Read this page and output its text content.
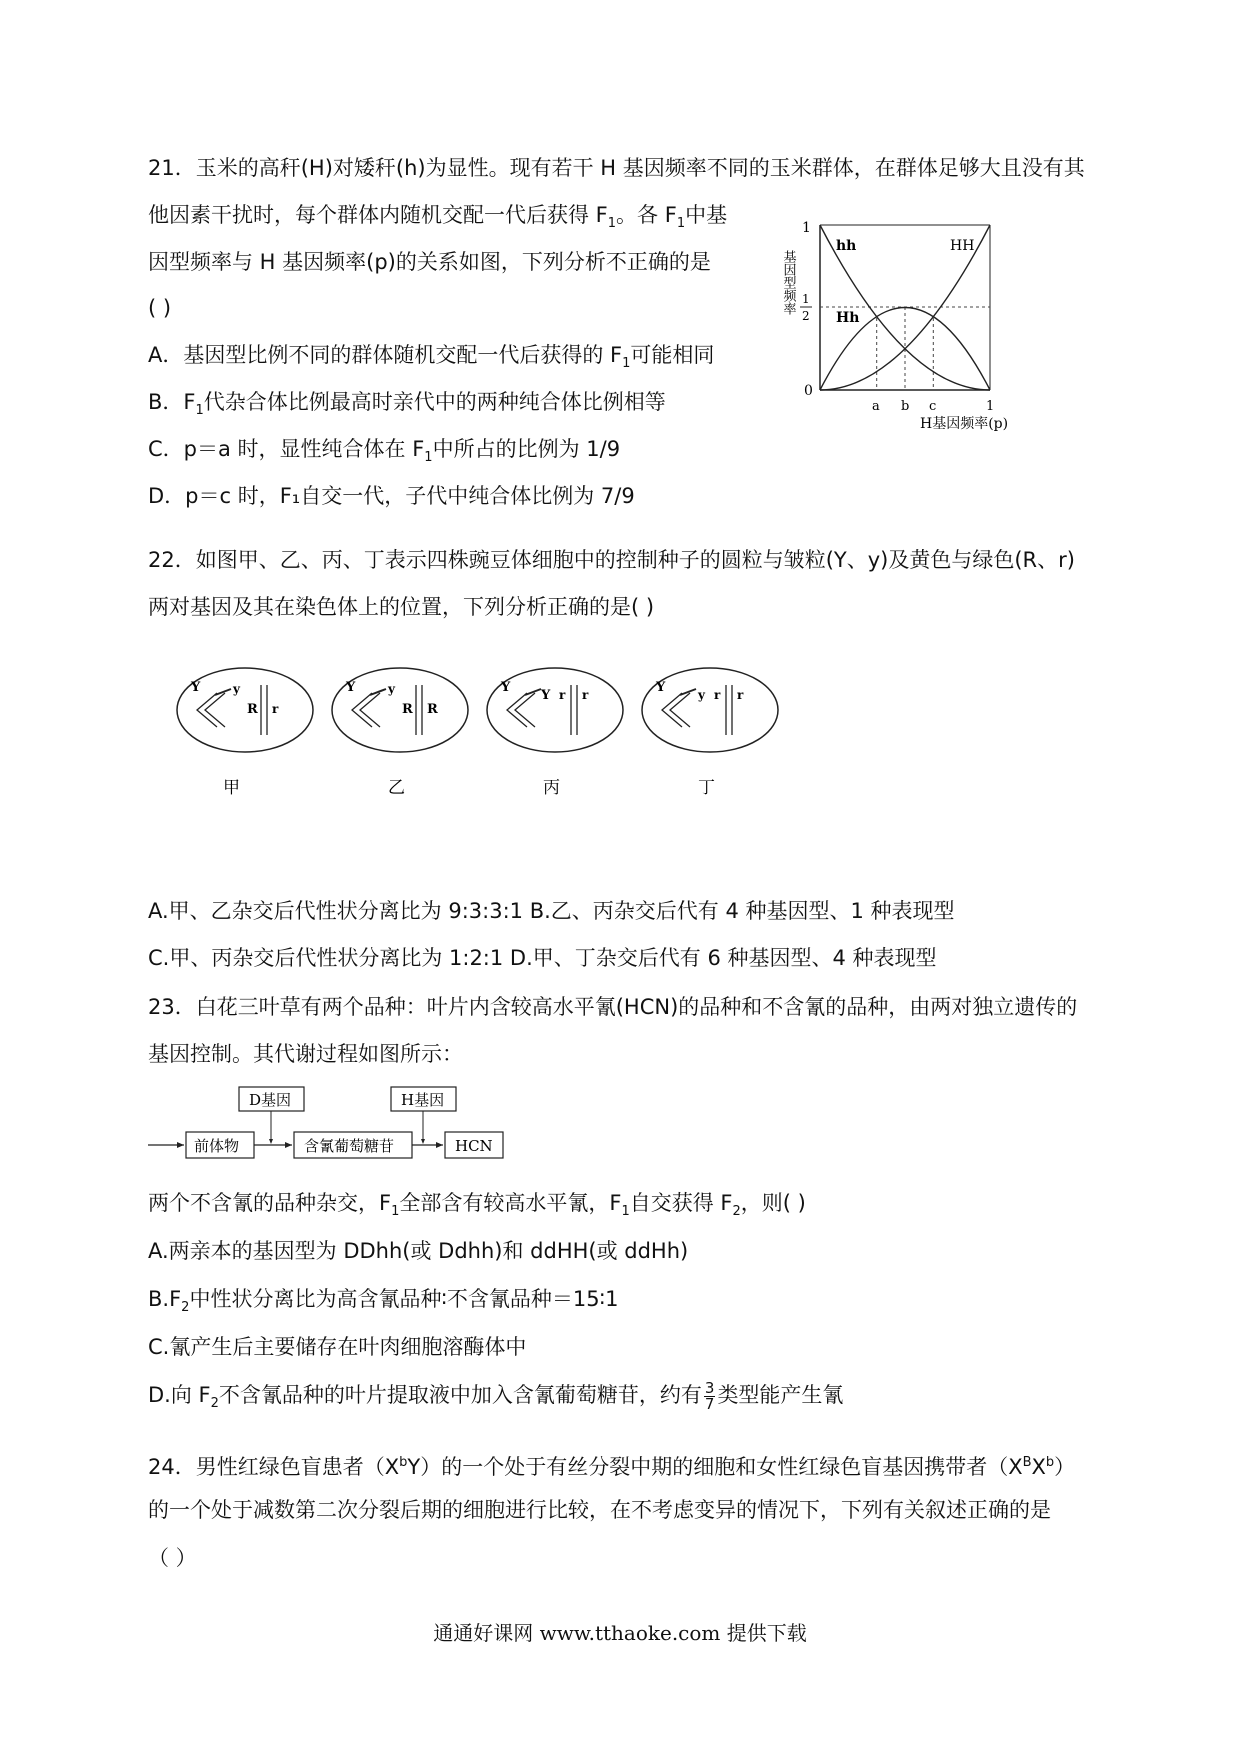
21．玉米的高秆(H)对矮秆(h)为显性。现有若干 H 基因频率不同的玉米群体，在群体足够大且没有其
他因素干扰时，每个群体内随机交配一代后获得 $F_1$。各 $F_1$中基
因型频率与 H 基因频率(p)的关系如图，下列分析不正确的是
( )
A．基因型比例不同的群体随机交配一代后获得的 $F_1$可能相同
B．$F_1$代杂合体比例最高时亲代中的两种纯合体比例相等
C．p＝a 时，显性纯合体在 $F_1$中所占的比例为 1/9
D．p＝c 时，F₁自交一代，子代中纯合体比例为 7/9
1
1
2
0
a b c	1
hh	HH
Hh
H基因频率(p)
基因型频率
22．如图甲、乙、丙、丁表示四株豌豆体细胞中的控制种子的圆粒与皱粒(Y、y)及黄色与绿色(R、r)
两对基因及其在染色体上的位置，下列分析正确的是( )
Y	y
R r
甲
Y	y
R R
乙
Y
Y r r
丙
Y	y r r
丁
A.甲、乙杂交后代性状分离比为 9:3:3:1 B.乙、丙杂交后代有 4 种基因型、1 种表现型
C.甲、丙杂交后代性状分离比为 1:2:1 D.甲、丁杂交后代有 6 种基因型、4 种表现型
23．白花三叶草有两个品种：叶片内含较高水平氰(HCN)的品种和不含氰的品种，由两对独立遗传的
基因控制。其代谢过程如图所示：
D基因	H基因
前体物	含氰葡萄糖苷	HCN
两个不含氰的品种杂交，$F_1$全部含有较高水平氰，$F_1$自交获得 $F_2$，则( )
A.两亲本的基因型为 DDhh(或 Ddhh)和 ddHH(或 ddHh)
$B.F_2$中性状分离比为高含氰品种∶不含氰品种＝15∶1
C.氰产生后主要储存在叶肉细胞溶酶体中
D.向 $F_2$不含氰品种的叶片提取液中加入含氰葡萄糖苷，约有 $\frac{3}{7}$ 类型能产生氰
24．男性红绿色盲患者$(X^bY)$的一个处于有丝分裂中期的细胞和女性红绿色盲基因携带者$(X^BX^b)$
的一个处于减数第二次分裂后期的细胞进行比较，在不考虑变异的情况下，下列有关叙述正确的是
（ ）
通通好课网 www.tthaoke.com 提供下载
